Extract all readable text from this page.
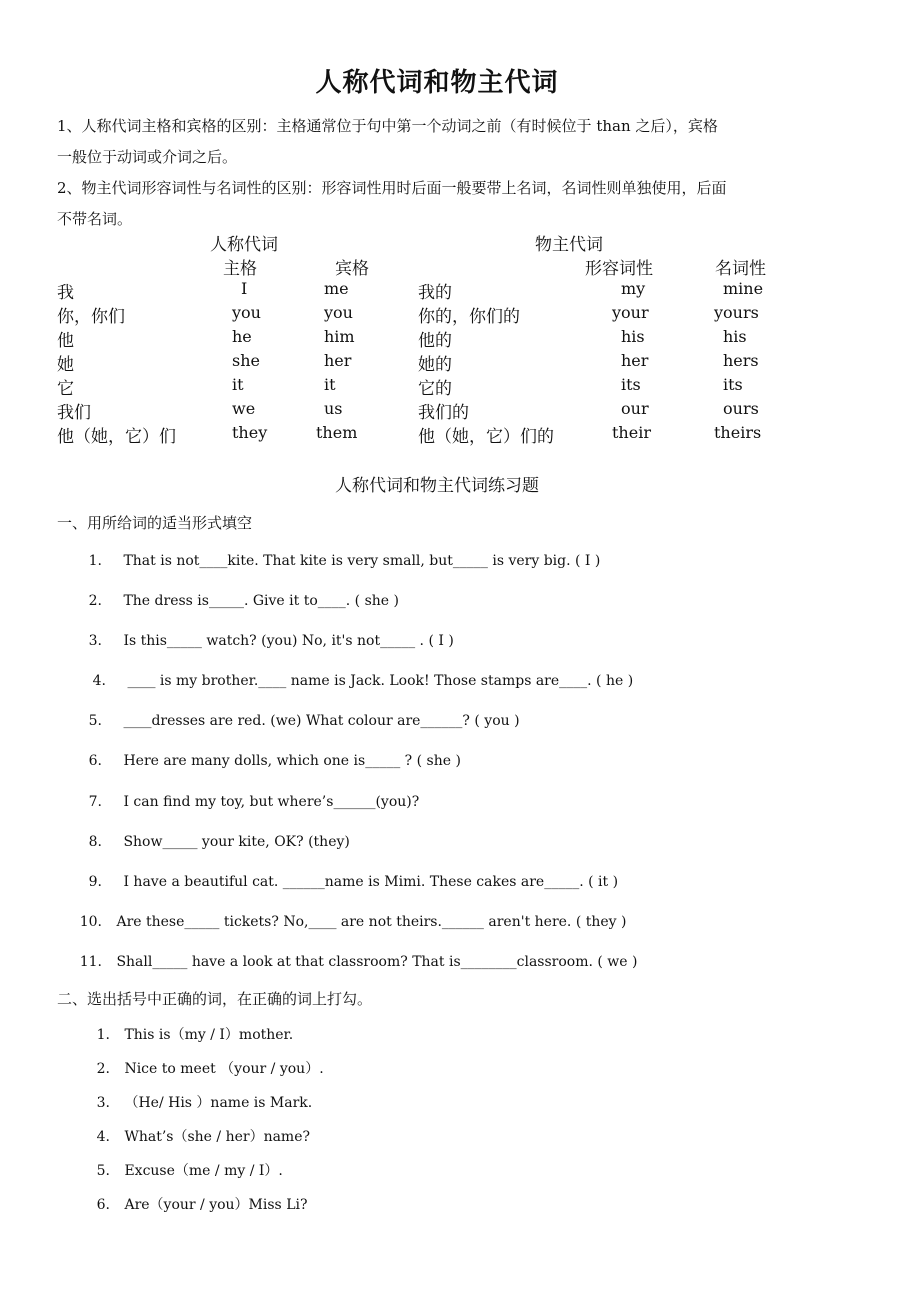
人称代词和物主代词
1、人称代词主格和宾格的区别：主格通常位于句中第一个动词之前（有时候位于 than 之后），宾格
一般位于动词或介词之后。
2、物主代词形容词性与名词性的区别：形容词性用时后面一般要带上名词，名词性则单独使用，后面
不带名词。
人称代词	物主代词
主格	宾格	形容词性	名词性
我	I	me	我的	my	mine
你，你们	you	you	你的，你们的	your	yours
他	he	him	他的	his	his
她	she	her	她的	her	hers
它	it	it	它的	its	its
我们	we	us	我们的	our	ours
他（她，它）们	they	them	他（她，它）们的	their	theirs
人称代词和物主代词练习题
一、用所给词的适当形式填空
1. That is not____kite. That kite is very small, but_____ is very big. ( I )
2. The dress is_____. Give it to____. ( she )
3. Is this_____ watch? (you) No, it's not_____ . ( I )
4. ____ is my brother.____ name is Jack. Look! Those stamps are____. ( he )
5. ____dresses are red. (we) What colour are______? ( you )
6. Here are many dolls, which one is_____ ? ( she )
7. I can find my toy, but where’s______(you)?
8. Show_____ your kite, OK? (they)
9. I have a beautiful cat. ______name is Mimi. These cakes are_____. ( it )
10. Are these_____ tickets? No,____ are not theirs.______ aren't here. ( they )
11. Shall_____ have a look at that classroom? That is________classroom. ( we )
二、选出括号中正确的词，在正确的词上打勾。
1. This is（my / I）mother.
2. Nice to meet （your / you）.
3. （He/ His ）name is Mark.
4. What’s（she / her）name?
5. Excuse（me / my / I）.
6. Are（your / you）Miss Li?
